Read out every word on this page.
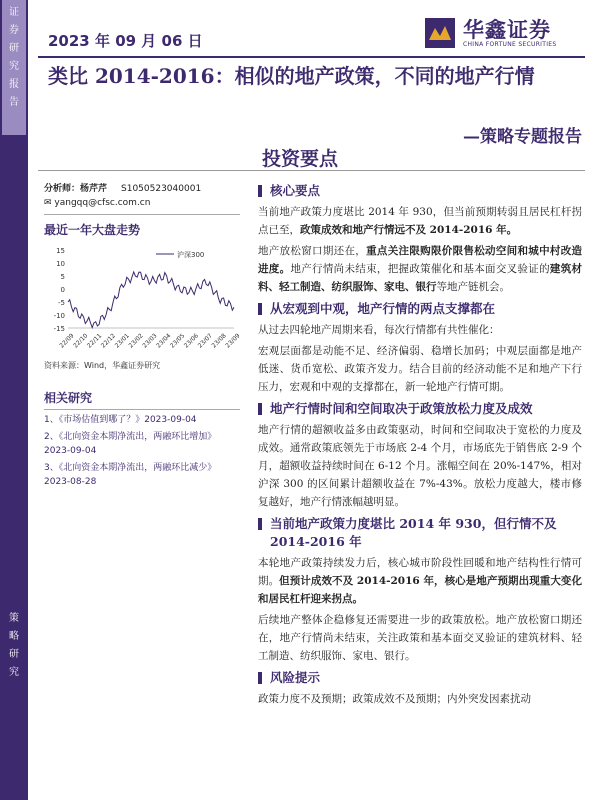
证
券
研
究
报
告
策
略
研
究
2023 年 09 月 06 日	华鑫证券
CHINA FORTUNE SECURITIES
类比 2014-2016：相似的地产政策，不同的地产行情
—策略专题报告
投资要点
分析师：杨芹芹 S1050523040001
✉ yangqq@cfsc.com.cn
最近一年大盘走势
15
10
5
0
-5
-10
-15
22/09
22/10
22/11
22/12
23/01
23/02
23/03
23/04
23/05
23/06
23/07
23/08
23/09
沪深300
资料来源：Wind，华鑫证券研究
相关研究
1、《市场估值到哪了？》2023-09-04
2、《北向资金本期净流出，两融环比增加》2023-09-04
3、《北向资金本期净流出，两融环比减少》2023-08-28
核心要点

当前地产政策力度堪比 2014 年 930，但当前预期转弱且居民杠杆拐点已至，政策成效和地产行情远不及 2014-2016 年。

地产放松窗口期还在，重点关注限购限价限售松动空间和城中村改造进度。地产行情尚未结束，把握政策催化和基本面交叉验证的建筑材料、轻工制造、纺织服饰、家电、银行等地产链机会。

从宏观到中观，地产行情的两点支撑都在

从过去四轮地产周期来看，每次行情都有共性催化：

宏观层面都是动能不足、经济偏弱、稳增长加码；中观层面都是地产低迷、货币宽松、政策齐发力。结合目前的经济动能不足和地产下行压力，宏观和中观的支撑都在，新一轮地产行情可期。

地产行情时间和空间取决于政策放松力度及成效

地产行情的超额收益多由政策驱动，时间和空间取决于宽松的力度及成效。通常政策底领先于市场底 2-4 个月，市场底先于销售底 2-9 个月，超额收益持续时间在 6-12 个月。涨幅空间在 20%-147%，相对沪深 300 的区间累计超额收益在 7%-43%。放松力度越大，楼市修复越好，地产行情涨幅越明显。

当前地产政策力度堪比 2014 年 930，但行情不及 2014-2016 年

本轮地产政策持续发力后，核心城市阶段性回暖和地产结构性行情可期。但预计成效不及 2014-2016 年，核心是地产预期出现重大变化和居民杠杆迎来拐点。

后续地产整体企稳修复还需要进一步的政策放松。地产放松窗口期还在，地产行情尚未结束，关注政策和基本面交叉验证的建筑材料、轻工制造、纺织服饰、家电、银行。

风险提示

政策力度不及预期；政策成效不及预期；内外突发因素扰动
